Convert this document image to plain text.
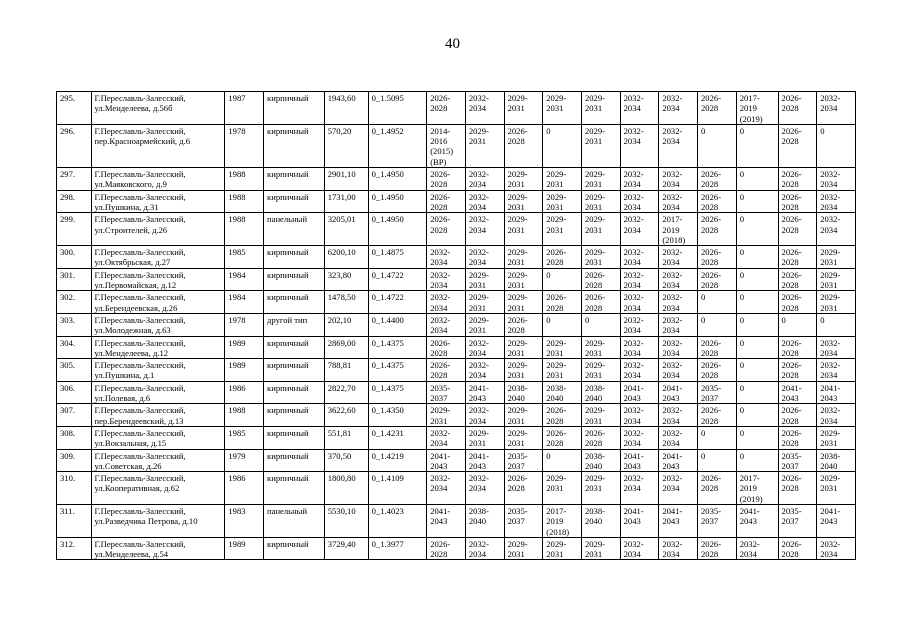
40
295.	Г.Переславль-Залесский,
ул.Менделеева, д.56б	1987	кирпичный	1943,60	0_1.5095	2026-
2028	2032-
2034	2029-
2031	2029-
2031	2029-
2031	2032-
2034	2032-
2034	2026-
2028	2017-
2019
(2019)	2026-
2028	2032-
2034
296.	Г.Переславль-Залесский,
пер.Красноармейский, д.6	1978	кирпичный	570,20	0_1.4952	2014-
2016
(2015)
(ВР)	2029-
2031	2026-
2028	0	2029-
2031	2032-
2034	2032-
2034	0	0	2026-
2028	0
297.	Г.Переславль-Залесский,
ул.Маяковского, д.9	1988	кирпичный	2901,10	0_1.4950	2026-
2028	2032-
2034	2029-
2031	2029-
2031	2029-
2031	2032-
2034	2032-
2034	2026-
2028	0	2026-
2028	2032-
2034
298.	Г.Переславль-Залесский,
ул.Пушкина, д.31	1988	кирпичный	1731,00	0_1.4950	2026-
2028	2032-
2034	2029-
2031	2029-
2031	2029-
2031	2032-
2034	2032-
2034	2026-
2028	0	2026-
2028	2032-
2034
299.	Г.Переславль-Залесский,
ул.Строителей, д.26	1988	панельный	3205,01	0_1.4950	2026-
2028	2032-
2034	2029-
2031	2029-
2031	2029-
2031	2032-
2034	2017-
2019
(2018)	2026-
2028	0	2026-
2028	2032-
2034
300.	Г.Переславль-Залесский,
ул.Октябрьская, д.27	1985	кирпичный	6200,10	0_1.4875	2032-
2034	2032-
2034	2029-
2031	2026-
2028	2029-
2031	2032-
2034	2032-
2034	2026-
2028	0	2026-
2028	2029-
2031
301.	Г.Переславль-Залесский,
ул.Первомайская, д.12	1984	кирпичный	323,80	0_1.4722	2032-
2034	2029-
2031	2029-
2031	0	2026-
2028	2032-
2034	2032-
2034	2026-
2028	0	2026-
2028	2029-
2031
302.	Г.Переславль-Залесский,
ул.Берендеевская, д.26	1984	кирпичный	1478,50	0_1.4722	2032-
2034	2029-
2031	2029-
2031	2026-
2028	2026-
2028	2032-
2034	2032-
2034	0	0	2026-
2028	2029-
2031
303.	Г.Переславль-Залесский,
ул.Молодежная, д.63	1978	другой тип	202,10	0_1.4400	2032-
2034	2029-
2031	2026-
2028	0	0	2032-
2034	2032-
2034	0	0	0	0
304.	Г.Переславль-Залесский,
ул.Менделеева, д.12	1989	кирпичный	2869,00	0_1.4375	2026-
2028	2032-
2034	2029-
2031	2029-
2031	2029-
2031	2032-
2034	2032-
2034	2026-
2028	0	2026-
2028	2032-
2034
305.	Г.Переславль-Залесский,
ул.Пушкина, д.1	1989	кирпичный	788,81	0_1.4375	2026-
2028	2032-
2034	2029-
2031	2029-
2031	2029-
2031	2032-
2034	2032-
2034	2026-
2028	0	2026-
2028	2032-
2034
306.	Г.Переславль-Залесский,
ул.Полевая, д.6	1986	кирпичный	2822,70	0_1.4375	2035-
2037	2041-
2043	2038-
2040	2038-
2040	2038-
2040	2041-
2043	2041-
2043	2035-
2037	0	2041-
2043	2041-
2043
307.	Г.Переславль-Залесский,
пер.Берендеевский, д.13	1988	кирпичный	3622,60	0_1.4350	2029-
2031	2032-
2034	2029-
2031	2026-
2028	2029-
2031	2032-
2034	2032-
2034	2026-
2028	0	2026-
2028	2032-
2034
308.	Г.Переславль-Залесский,
ул.Вокзальная, д.15	1985	кирпичный	551,81	0_1.4231	2032-
2034	2029-
2031	2029-
2031	2026-
2028	2026-
2028	2032-
2034	2032-
2034	0	0	2026-
2028	2029-
2031
309.	Г.Переславль-Залесский,
ул.Советская, д.26	1979	кирпичный	370,50	0_1.4219	2041-
2043	2041-
2043	2035-
2037	0	2038-
2040	2041-
2043	2041-
2043	0	0	2035-
2037	2038-
2040
310.	Г.Переславль-Залесский,
ул.Кооперативная, д.62	1986	кирпичный	1800,80	0_1.4109	2032-
2034	2032-
2034	2026-
2028	2029-
2031	2029-
2031	2032-
2034	2032-
2034	2026-
2028	2017-
2019
(2019)	2026-
2028	2029-
2031
311.	Г.Переславль-Залесский,
ул.Разведчика Петрова, д.10	1983	панельный	5530,10	0_1.4023	2041-
2043	2038-
2040	2035-
2037	2017-
2019
(2018)	2038-
2040	2041-
2043	2041-
2043	2035-
2037	2041-
2043	2035-
2037	2041-
2043
312.	Г.Переславль-Залесский,
ул.Менделеева, д.54	1989	кирпичный	3729,40	0_1.3977	2026-
2028	2032-
2034	2029-
2031	2029-
2031	2029-
2031	2032-
2034	2032-
2034	2026-
2028	2032-
2034	2026-
2028	2032-
2034
